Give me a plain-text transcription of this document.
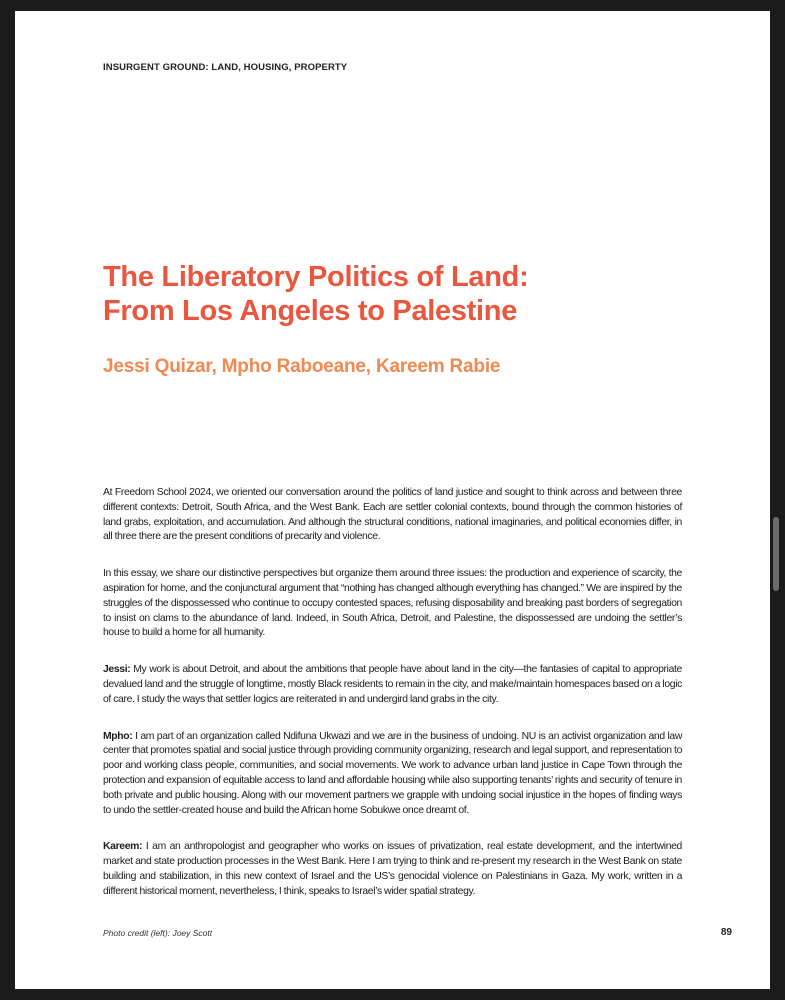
INSURGENT GROUND: LAND, HOUSING, PROPERTY
The Liberatory Politics of Land:
From Los Angeles to Palestine
Jessi Quizar, Mpho Raboeane, Kareem Rabie

At Freedom School 2024, we oriented our conversation around the politics of land justice and sought to think across and between three different contexts: Detroit, South Africa, and the West Bank. Each are settler colonial contexts, bound through the common histories of land grabs, exploitation, and accumulation. And although the structural conditions, national imaginaries, and political economies differ, in all three there are the present conditions of precarity and violence.

In this essay, we share our distinctive perspectives but organize them around three issues: the production and experience of scarcity, the aspiration for home, and the conjunctural argument that “nothing has changed although everything has changed.” We are inspired by the struggles of the dispossessed who continue to occupy contested spaces, refusing disposability and breaking past borders of segregation to insist on clams to the abundance of land. Indeed, in South Africa, Detroit, and Palestine, the dispossessed are undoing the settler’s house to build a home for all humanity.

Jessi: My work is about Detroit, and about the ambitions that people have about land in the city—the fantasies of capital to appropriate devalued land and the struggle of longtime, mostly Black residents to remain in the city, and make/maintain homespaces based on a logic of care. I study the ways that settler logics are reiterated in and undergird land grabs in the city.

Mpho: I am part of an organization called Ndifuna Ukwazi and we are in the business of undoing. NU is an activist organization and law center that promotes spatial and social justice through providing community organizing, research and legal support, and representation to poor and working class people, communities, and social movements. We work to advance urban land justice in Cape Town through the protection and expansion of equitable access to land and affordable housing while also supporting tenants’ rights and security of tenure in both private and public housing. Along with our movement partners we grapple with undoing social injustice in the hopes of finding ways to undo the settler-created house and build the African home Sobukwe once dreamt of.

Kareem: I am an anthropologist and geographer who works on issues of privatization, real estate development, and the intertwined market and state production processes in the West Bank. Here I am trying to think and re-present my research in the West Bank on state building and stabilization, in this new context of Israel and the US’s genocidal violence on Palestinians in Gaza. My work, written in a different historical moment, nevertheless, I think, speaks to Israel’s wider spatial strategy.

Photo credit (left): Joey Scott	89
